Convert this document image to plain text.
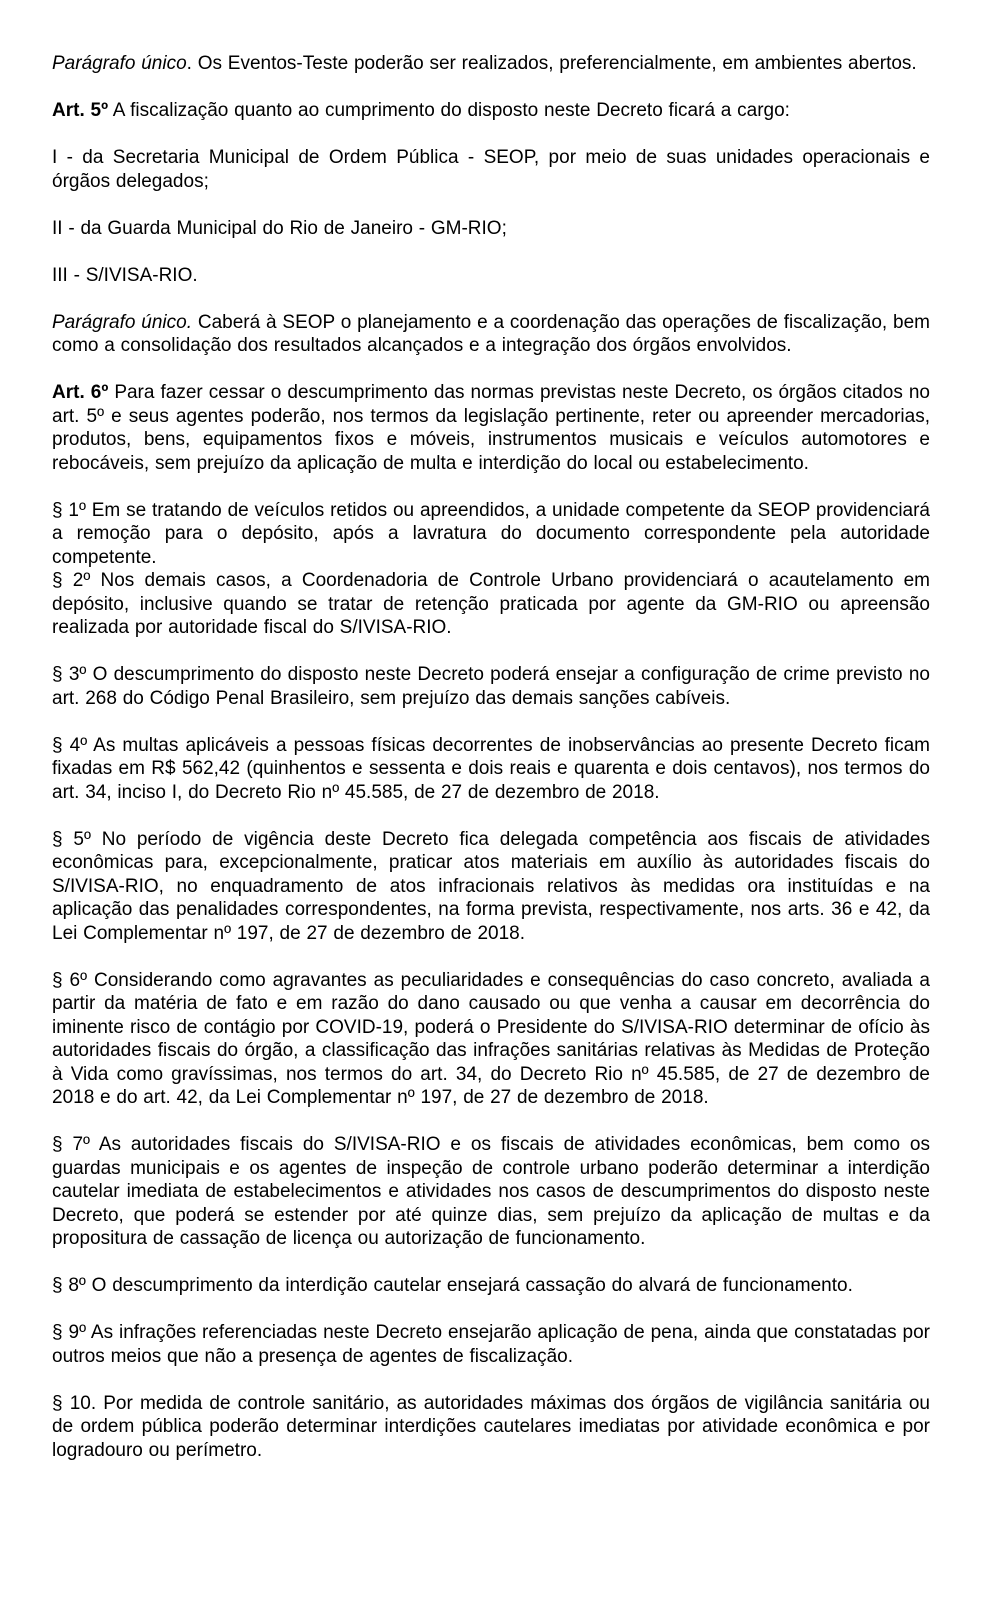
Parágrafo único. Os Eventos-Teste poderão ser realizados, preferencialmente, em ambientes abertos.

Art. 5º A fiscalização quanto ao cumprimento do disposto neste Decreto ficará a cargo:

I - da Secretaria Municipal de Ordem Pública - SEOP, por meio de suas unidades operacionais e órgãos delegados;

II - da Guarda Municipal do Rio de Janeiro - GM-RIO;

III - S/IVISA-RIO.

Parágrafo único. Caberá à SEOP o planejamento e a coordenação das operações de fiscalização, bem como a consolidação dos resultados alcançados e a integração dos órgãos envolvidos.

Art. 6º Para fazer cessar o descumprimento das normas previstas neste Decreto, os órgãos citados no art. 5º e seus agentes poderão, nos termos da legislação pertinente, reter ou apreender mercadorias, produtos, bens, equipamentos fixos e móveis, instrumentos musicais e veículos automotores e rebocáveis, sem prejuízo da aplicação de multa e interdição do local ou estabelecimento.

§ 1º Em se tratando de veículos retidos ou apreendidos, a unidade competente da SEOP providenciará a remoção para o depósito, após a lavratura do documento correspondente pela autoridade competente.

§ 2º Nos demais casos, a Coordenadoria de Controle Urbano providenciará o acautelamento em depósito, inclusive quando se tratar de retenção praticada por agente da GM-RIO ou apreensão realizada por autoridade fiscal do S/IVISA-RIO.

§ 3º O descumprimento do disposto neste Decreto poderá ensejar a configuração de crime previsto no art. 268 do Código Penal Brasileiro, sem prejuízo das demais sanções cabíveis.

§ 4º As multas aplicáveis a pessoas físicas decorrentes de inobservâncias ao presente Decreto ficam fixadas em R$ 562,42 (quinhentos e sessenta e dois reais e quarenta e dois centavos), nos termos do art. 34, inciso I, do Decreto Rio nº 45.585, de 27 de dezembro de 2018.

§ 5º No período de vigência deste Decreto fica delegada competência aos fiscais de atividades econômicas para, excepcionalmente, praticar atos materiais em auxílio às autoridades fiscais do S/IVISA-RIO, no enquadramento de atos infracionais relativos às medidas ora instituídas e na aplicação das penalidades correspondentes, na forma prevista, respectivamente, nos arts. 36 e 42, da Lei Complementar nº 197, de 27 de dezembro de 2018.

§ 6º Considerando como agravantes as peculiaridades e consequências do caso concreto, avaliada a partir da matéria de fato e em razão do dano causado ou que venha a causar em decorrência do iminente risco de contágio por COVID-19, poderá o Presidente do S/IVISA-RIO determinar de ofício às autoridades fiscais do órgão, a classificação das infrações sanitárias relativas às Medidas de Proteção à Vida como gravíssimas, nos termos do art. 34, do Decreto Rio nº 45.585, de 27 de dezembro de 2018 e do art. 42, da Lei Complementar nº 197, de 27 de dezembro de 2018.

§ 7º As autoridades fiscais do S/IVISA-RIO e os fiscais de atividades econômicas, bem como os guardas municipais e os agentes de inspeção de controle urbano poderão determinar a interdição cautelar imediata de estabelecimentos e atividades nos casos de descumprimentos do disposto neste Decreto, que poderá se estender por até quinze dias, sem prejuízo da aplicação de multas e da propositura de cassação de licença ou autorização de funcionamento.

§ 8º O descumprimento da interdição cautelar ensejará cassação do alvará de funcionamento.

§ 9º As infrações referenciadas neste Decreto ensejarão aplicação de pena, ainda que constatadas por outros meios que não a presença de agentes de fiscalização.

§ 10. Por medida de controle sanitário, as autoridades máximas dos órgãos de vigilância sanitária ou de ordem pública poderão determinar interdições cautelares imediatas por atividade econômica e por logradouro ou perímetro.
